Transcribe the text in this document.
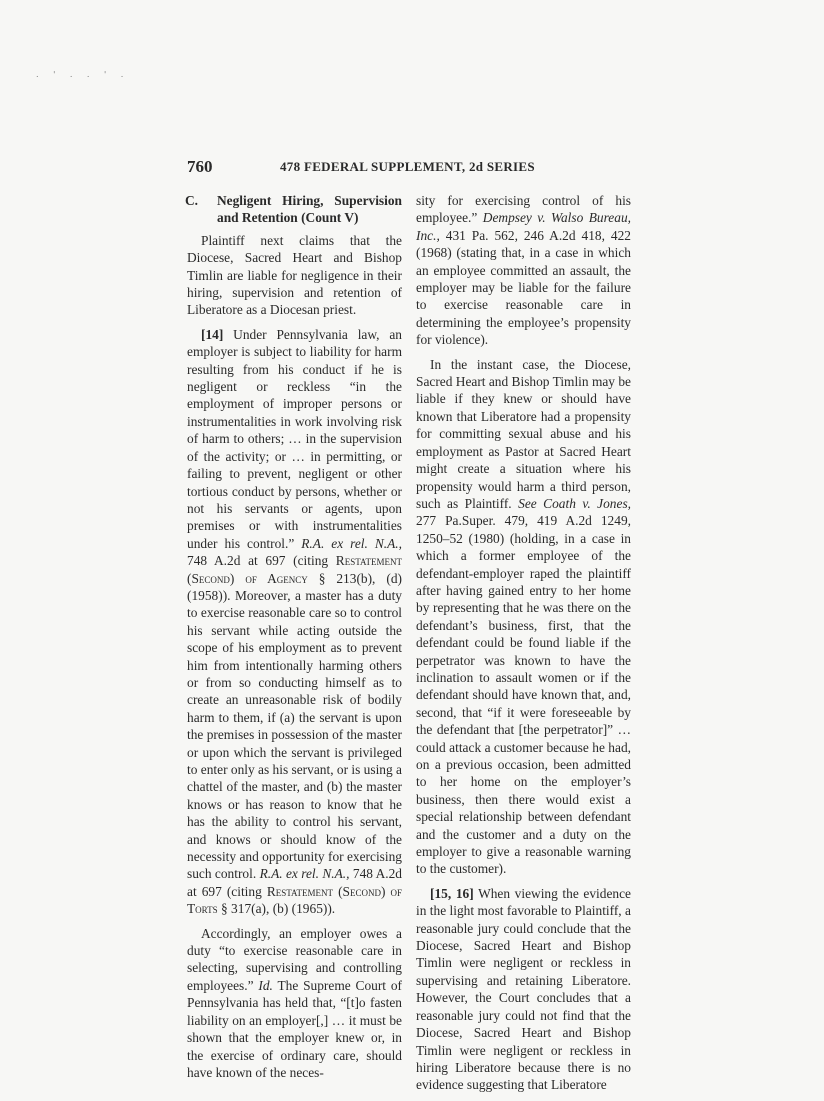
. ' . . ' .
760	478 FEDERAL SUPPLEMENT, 2d SERIES
C. Negligent Hiring, Supervision and Retention (Count V)

Plaintiff next claims that the Diocese, Sacred Heart and Bishop Timlin are liable for negligence in their hiring, supervision and retention of Liberatore as a Diocesan priest.

[14] Under Pennsylvania law, an employer is subject to liability for harm resulting from his conduct if he is negligent or reckless “in the employment of improper persons or instrumentalities in work involving risk of harm to others; … in the supervision of the activity; or … in permitting, or failing to prevent, negligent or other tortious conduct by persons, whether or not his servants or agents, upon premises or with instrumentalities under his control.” R.A. ex rel. N.A., 748 A.2d at 697 (citing Restatement (Second) of Agency § 213(b), (d) (1958)). Moreover, a master has a duty to exercise reasonable care so to control his servant while acting outside the scope of his employment as to prevent him from intentionally harming others or from so conducting himself as to create an unreasonable risk of bodily harm to them, if (a) the servant is upon the premises in possession of the master or upon which the servant is privileged to enter only as his servant, or is using a chattel of the master, and (b) the master knows or has reason to know that he has the ability to control his servant, and knows or should know of the necessity and opportunity for exercising such control. R.A. ex rel. N.A., 748 A.2d at 697 (citing Restatement (Second) of Torts § 317(a), (b) (1965)).

Accordingly, an employer owes a duty “to exercise reasonable care in selecting, supervising and controlling employees.” Id. The Supreme Court of Pennsylvania has held that, “[t]o fasten liability on an employer[,] … it must be shown that the employer knew or, in the exercise of ordinary care, should have known of the neces-

sity for exercising control of his employee.” Dempsey v. Walso Bureau, Inc., 431 Pa. 562, 246 A.2d 418, 422 (1968) (stating that, in a case in which an employee committed an assault, the employer may be liable for the failure to exercise reasonable care in determining the employee’s propensity for violence).

In the instant case, the Diocese, Sacred Heart and Bishop Timlin may be liable if they knew or should have known that Liberatore had a propensity for committing sexual abuse and his employment as Pastor at Sacred Heart might create a situation where his propensity would harm a third person, such as Plaintiff. See Coath v. Jones, 277 Pa.Super. 479, 419 A.2d 1249, 1250–52 (1980) (holding, in a case in which a former employee of the defendant-employer raped the plaintiff after having gained entry to her home by representing that he was there on the defendant’s business, first, that the defendant could be found liable if the perpetrator was known to have the inclination to assault women or if the defendant should have known that, and, second, that “if it were foreseeable by the defendant that [the perpetrator]” … could attack a customer because he had, on a previous occasion, been admitted to her home on the employer’s business, then there would exist a special relationship between defendant and the customer and a duty on the employer to give a reasonable warning to the customer).

[15, 16] When viewing the evidence in the light most favorable to Plaintiff, a reasonable jury could conclude that the Diocese, Sacred Heart and Bishop Timlin were negligent or reckless in supervising and retaining Liberatore. However, the Court concludes that a reasonable jury could not find that the Diocese, Sacred Heart and Bishop Timlin were negligent or reckless in hiring Liberatore because there is no evidence suggesting that Liberatore
